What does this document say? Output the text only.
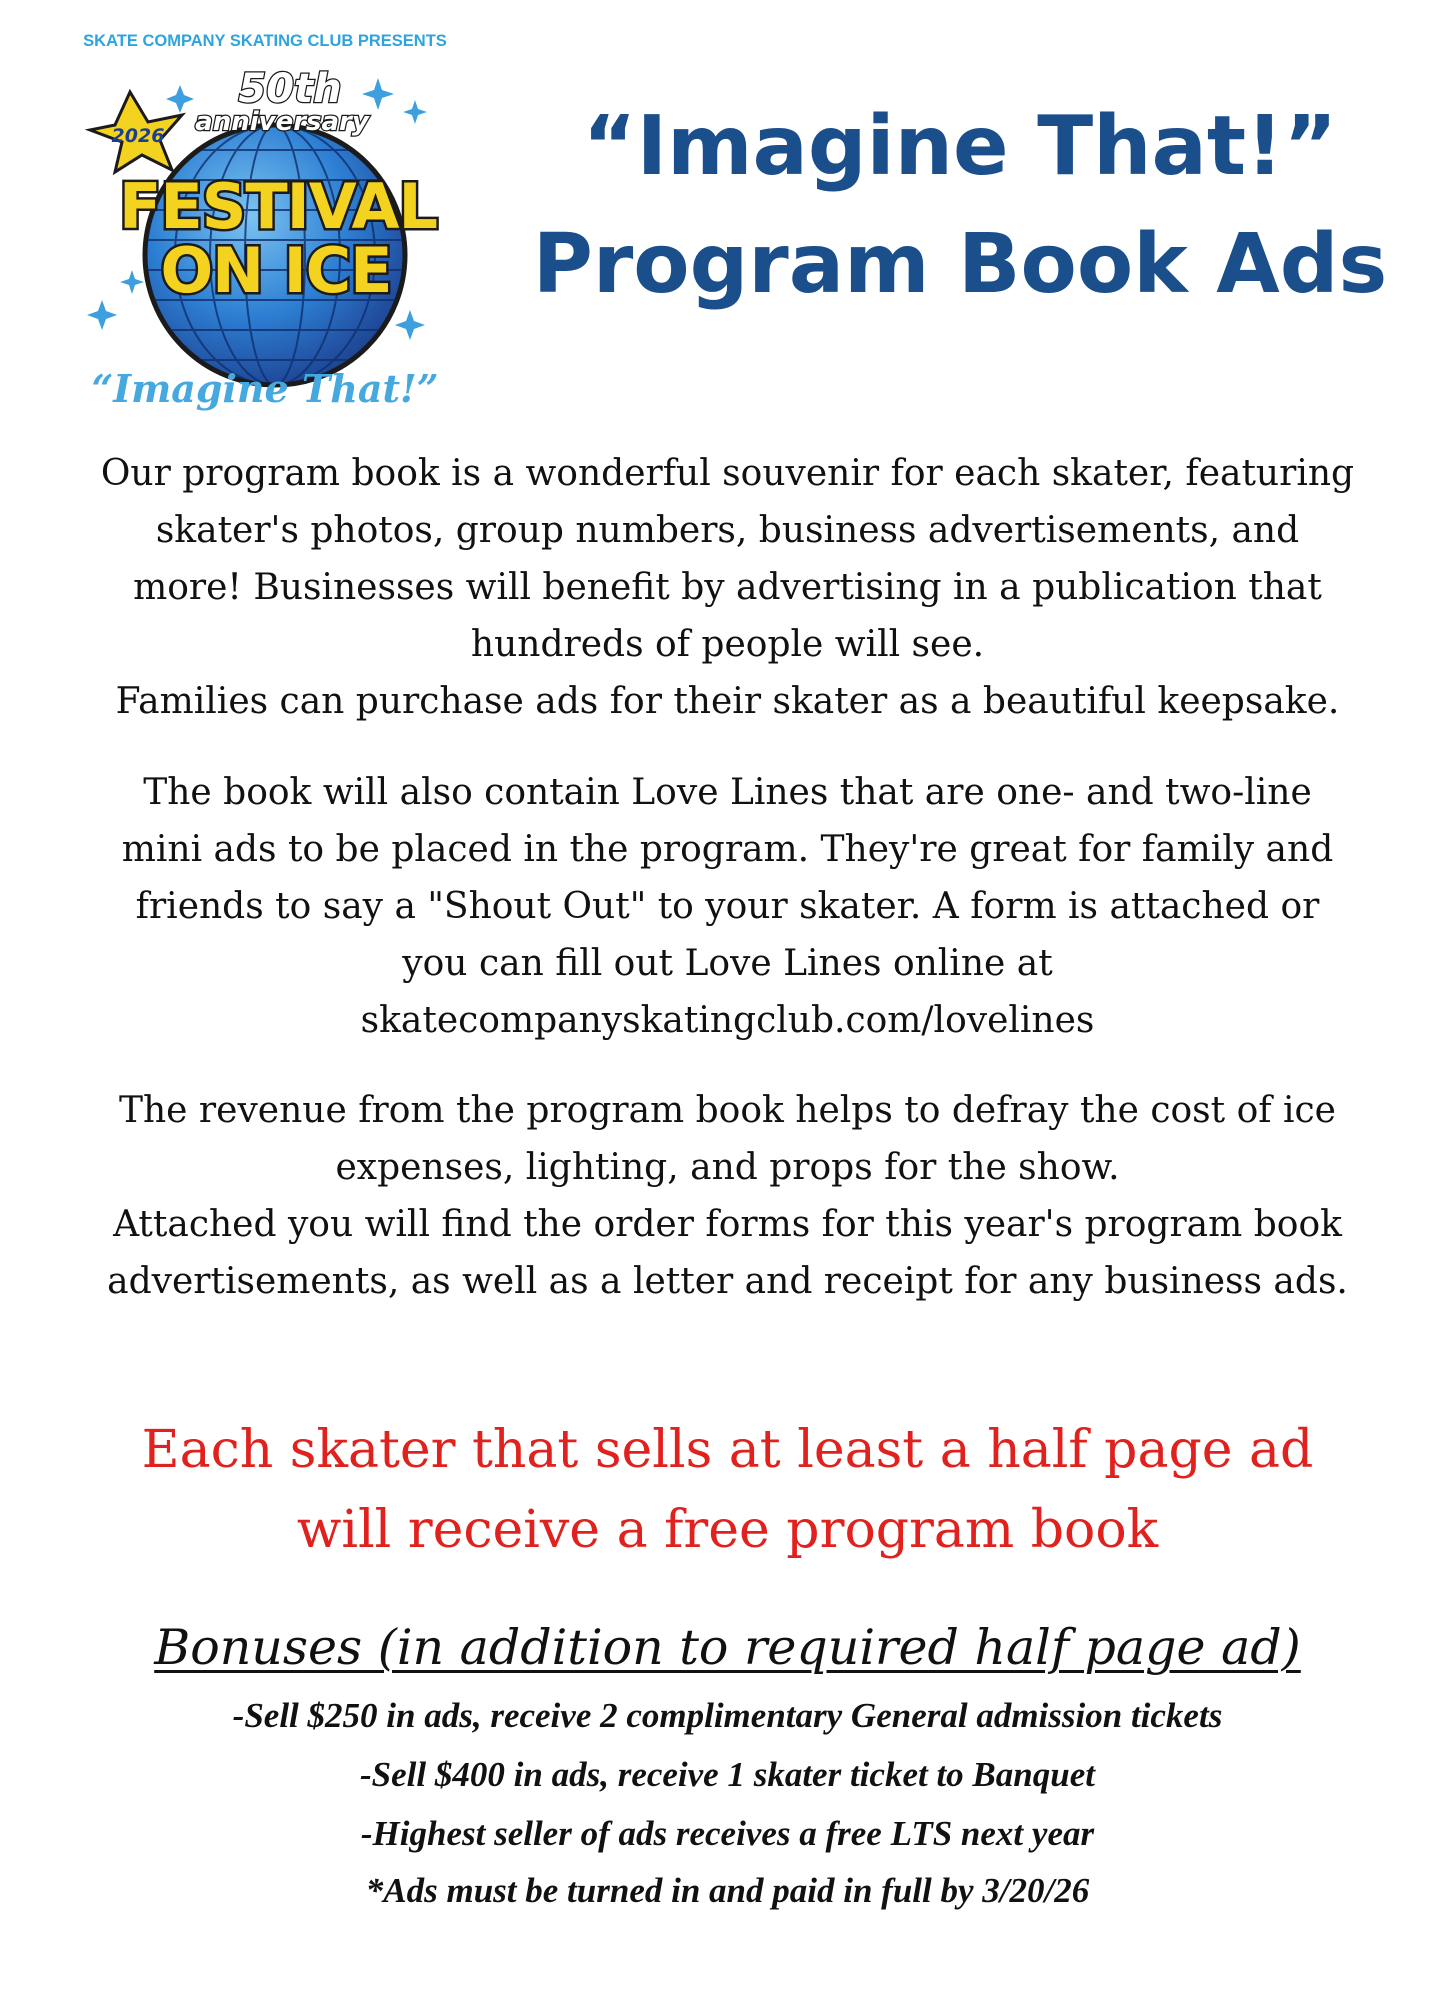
SKATE COMPANY SKATING CLUB PRESENTS
2026
50th
anniversary
FESTIVAL
ON ICE
“Imagine That!”
“Imagine That!”
Program Book Ads
Our program book is a wonderful souvenir for each skater, featuring
skater's photos, group numbers, business advertisements, and
more! Businesses will benefit by advertising in a publication that
hundreds of people will see.
Families can purchase ads for their skater as a beautiful keepsake.
The book will also contain Love Lines that are one- and two-line
mini ads to be placed in the program. They're great for family and
friends to say a "Shout Out" to your skater. A form is attached or
you can fill out Love Lines online at
skatecompanyskatingclub.com/lovelines
The revenue from the program book helps to defray the cost of ice
expenses, lighting, and props for the show.
Attached you will find the order forms for this year's program book
advertisements, as well as a letter and receipt for any business ads.
Each skater that sells at least a half page ad
will receive a free program book
Bonuses (in addition to required half page ad)
-Sell $250 in ads, receive 2 complimentary General admission tickets
-Sell $400 in ads, receive 1 skater ticket to Banquet
-Highest seller of ads receives a free LTS next year
*Ads must be turned in and paid in full by 3/20/26
